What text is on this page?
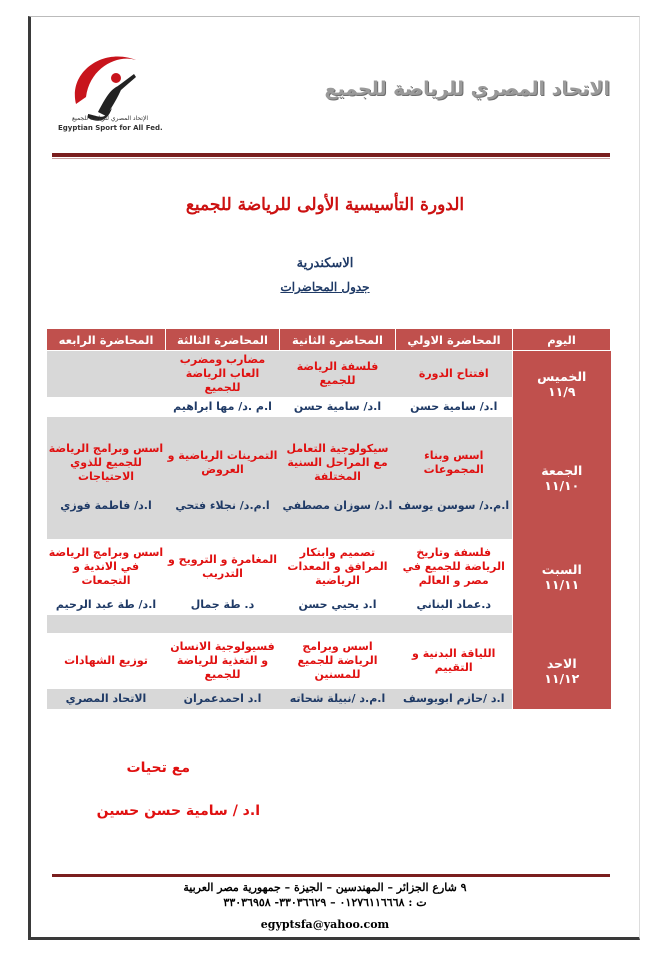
الإتحاد المصري للرياضة للجميع
Egyptian Sport for All Fed.
الاتحاد المصري للرياضة للجميع
الدورة التأسيسية الأولى للرياضة للجميع
الاسكندرية
جدول المحاضرات
اليوم	المحاضرة الاولي	المحاضرة الثانية	المحاضرة الثالثة	المحاضرة الرابعه

الخميس
١١/٩	افتتاح الدورة	فلسفة الرياضة للجميع	مضارب ومضرب العاب الرياضة للجميع	
	ا.د/ سامية حسن	ا.د/ سامية حسن	ا.م .د/ مها ابراهيم	

الجمعة
١١/١٠	اسس وبناء المجموعات	سيكولوجية التعامل مع المراحل السنية المختلفة	التمرينات الرياضية و العروض	اسس وبرامج الرياضة للجميع للذوي الاحتياجات
	ا.م.د/ سوسن يوسف	ا.د/ سوزان مصطفي	ا.م.د/ نجلاء فتحي	ا.د/ فاطمة فوزي

السبت
١١/١١	فلسفة وتاريخ الرياضة للجميع في مصر و العالم	تصميم وابتكار المرافق و المعدات الرياضية	المغامرة و الترويح و التدريب	اسس وبرامج الرياضة في الاندية و التجمعات
	د.عماد البناني	ا.د يحيي حسن	د. طة جمال	ا.د/ طة عبد الرحيم

الاحد
١١/١٢	اللياقة البدنية و التقييم	اسس وبرامج الرياضة للجميع للمسنين	فسيولوجية الانسان و التغذية للرياضة للجميع	توزيع الشهادات
	ا.د /حازم ابويوسف	ا.م.د /نبيلة شحاته	ا.د احمدعمران	الاتحاد المصري
مع تحيات
ا.د / سامية حسن حسين
٩ شارع الجزائر – المهندسين – الجيزة – جمهورية مصر العربية
ت : ٠١٢٧٦١١٦٦٦٨ – ٣٣٠٣٦٦٢٩- ٣٣٠٣٦٩٥٨
egyptsfa@yahoo.com
